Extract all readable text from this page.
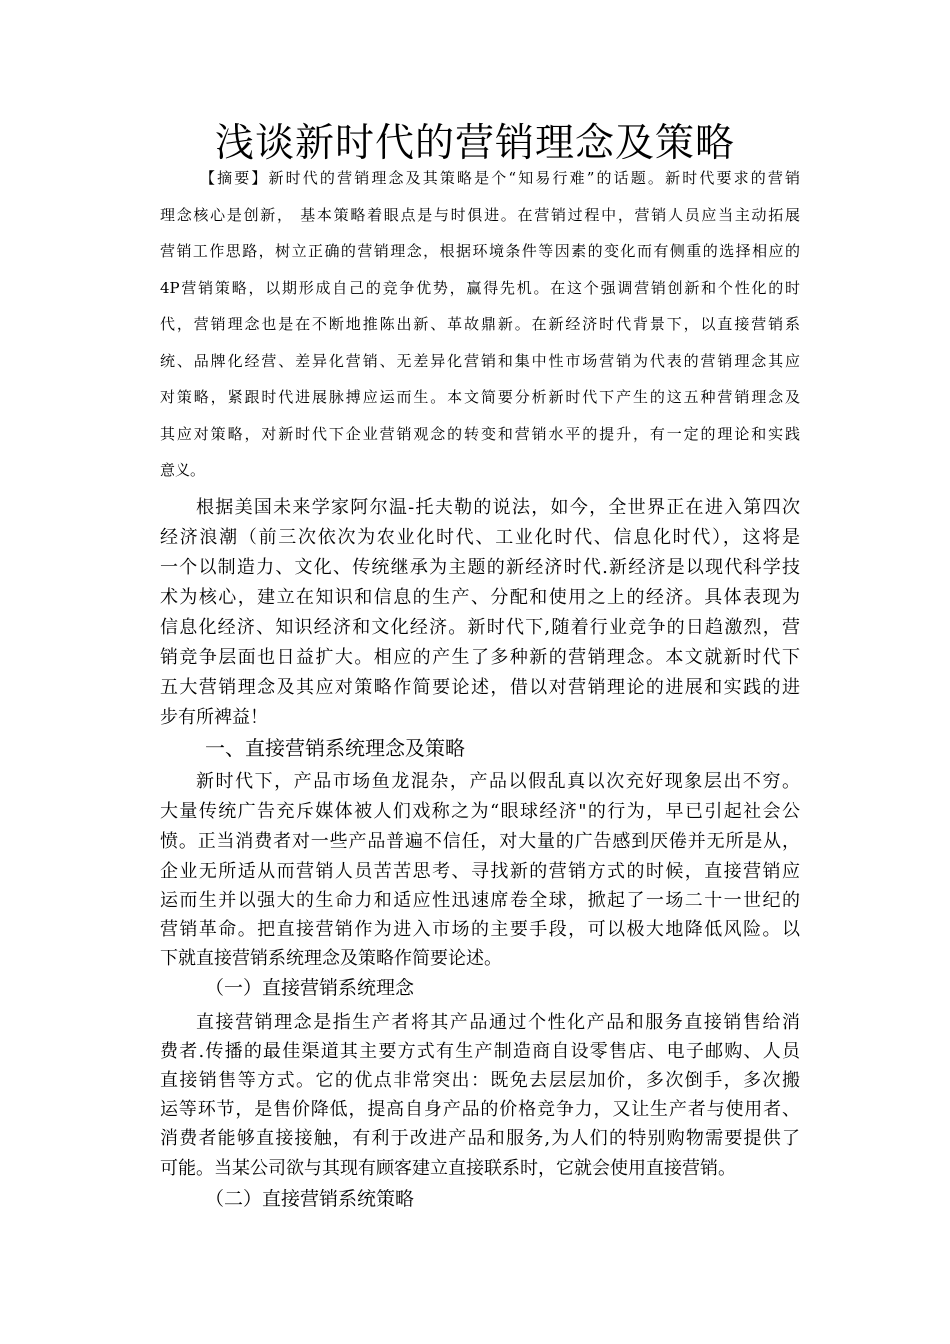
浅谈新时代的营销理念及策略
【摘要】新时代的营销理念及其策略是个“知易行难”的话题。新时代要求的营销
理念核心是创新， 基本策略着眼点是与时俱进。在营销过程中，营销人员应当主动拓展
营销工作思路，树立正确的营销理念，根据环境条件等因素的变化而有侧重的选择相应的
4P营销策略，以期形成自己的竞争优势，赢得先机。在这个强调营销创新和个性化的时
代，营销理念也是在不断地推陈出新、革故鼎新。在新经济时代背景下，以直接营销系
统、品牌化经营、差异化营销、无差异化营销和集中性市场营销为代表的营销理念其应
对策略，紧跟时代进展脉搏应运而生。本文简要分析新时代下产生的这五种营销理念及
其应对策略，对新时代下企业营销观念的转变和营销水平的提升，有一定的理论和实践
意义。
根据美国未来学家阿尔温-托夫勒的说法，如今，全世界正在进入第四次
经济浪潮（前三次依次为农业化时代、工业化时代、信息化时代），这将是
一个以制造力、文化、传统继承为主题的新经济时代.新经济是以现代科学技
术为核心，建立在知识和信息的生产、分配和使用之上的经济。具体表现为
信息化经济、知识经济和文化经济。新时代下,随着行业竞争的日趋激烈，营
销竞争层面也日益扩大。相应的产生了多种新的营销理念。本文就新时代下
五大营销理念及其应对策略作简要论述，借以对营销理论的进展和实践的进
步有所裨益！
一、直接营销系统理念及策略
新时代下，产品市场鱼龙混杂，产品以假乱真以次充好现象层出不穷。
大量传统广告充斥媒体被人们戏称之为“眼球经济"的行为，早已引起社会公
愤。正当消费者对一些产品普遍不信任，对大量的广告感到厌倦并无所是从，
企业无所适从而营销人员苦苦思考、寻找新的营销方式的时候，直接营销应
运而生并以强大的生命力和适应性迅速席卷全球，掀起了一场二十一世纪的
营销革命。把直接营销作为进入市场的主要手段，可以极大地降低风险。以
下就直接营销系统理念及策略作简要论述。
（一）直接营销系统理念
直接营销理念是指生产者将其产品通过个性化产品和服务直接销售给消
费者.传播的最佳渠道其主要方式有生产制造商自设零售店、电子邮购、人员
直接销售等方式。它的优点非常突出：既免去层层加价，多次倒手，多次搬
运等环节，是售价降低，提高自身产品的价格竞争力，又让生产者与使用者、
消费者能够直接接触，有利于改进产品和服务,为人们的特别购物需要提供了
可能。当某公司欲与其现有顾客建立直接联系时，它就会使用直接营销。
（二）直接营销系统策略
